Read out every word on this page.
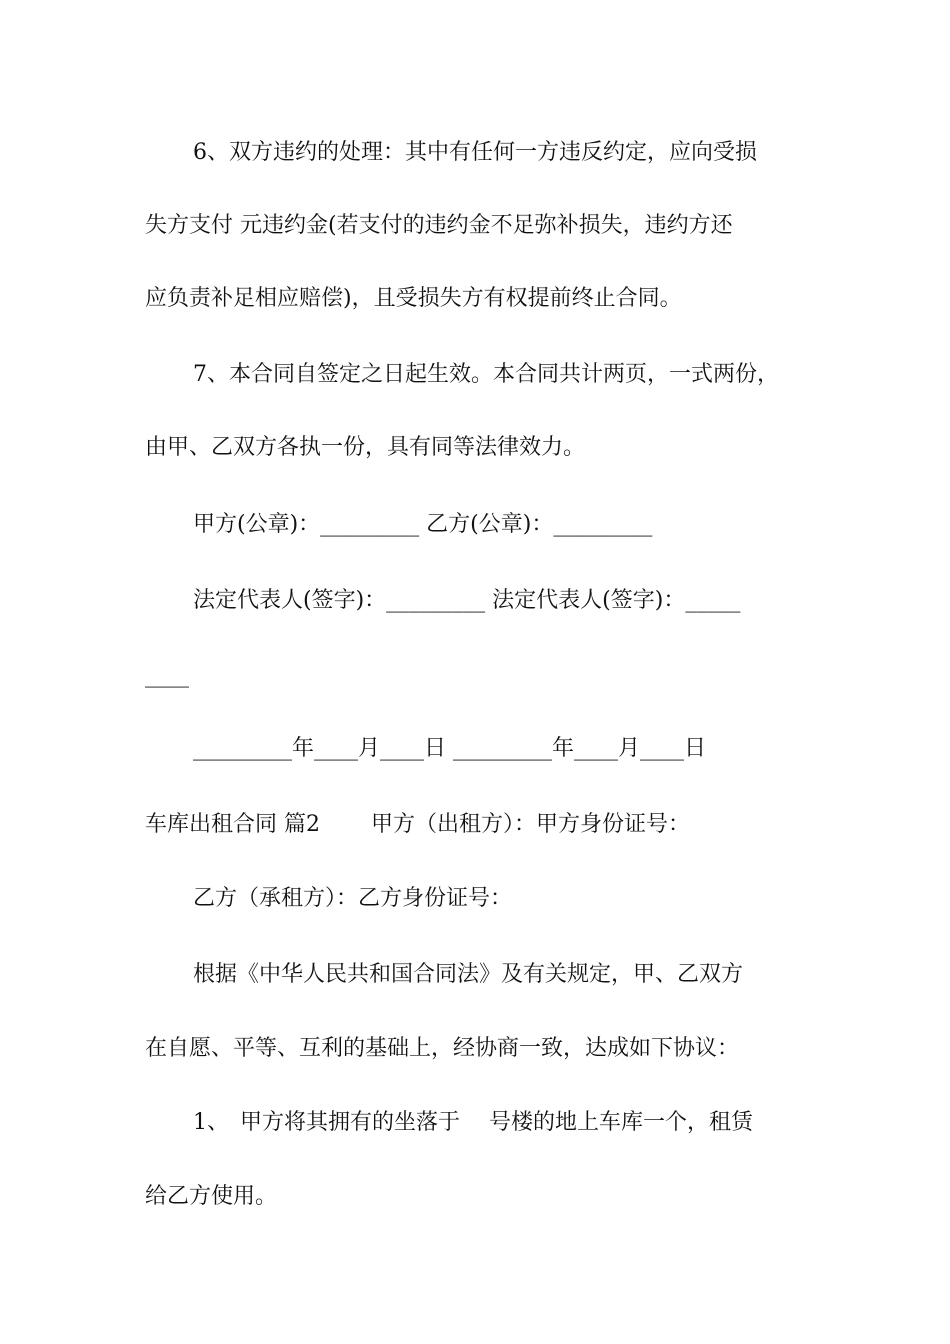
6、双方违约的处理：其中有任何一方违反约定，应向受损
失方支付 元违约金(若支付的违约金不足弥补损失，违约方还
应负责补足相应赔偿)，且受损失方有权提前终止合同。
7、本合同自签定之日起生效。本合同共计两页，一式两份，
由甲、乙双方各执一份，具有同等法律效力。
甲方(公章)：_________ 乙方(公章)：_________
法定代表人(签字)：_________ 法定代表人(签字)：_____
____
_________年____月____日 _________年____月____日
车库出租合同 篇2　　 甲方（出租方）：甲方身份证号：
乙方（承租方）：乙方身份证号：
根据《中华人民共和国合同法》及有关规定，甲、乙双方
在自愿、平等、互利的基础上，经协商一致，达成如下协议：
1、　甲方将其拥有的坐落于　 号楼的地上车库一个，租赁
给乙方使用。
